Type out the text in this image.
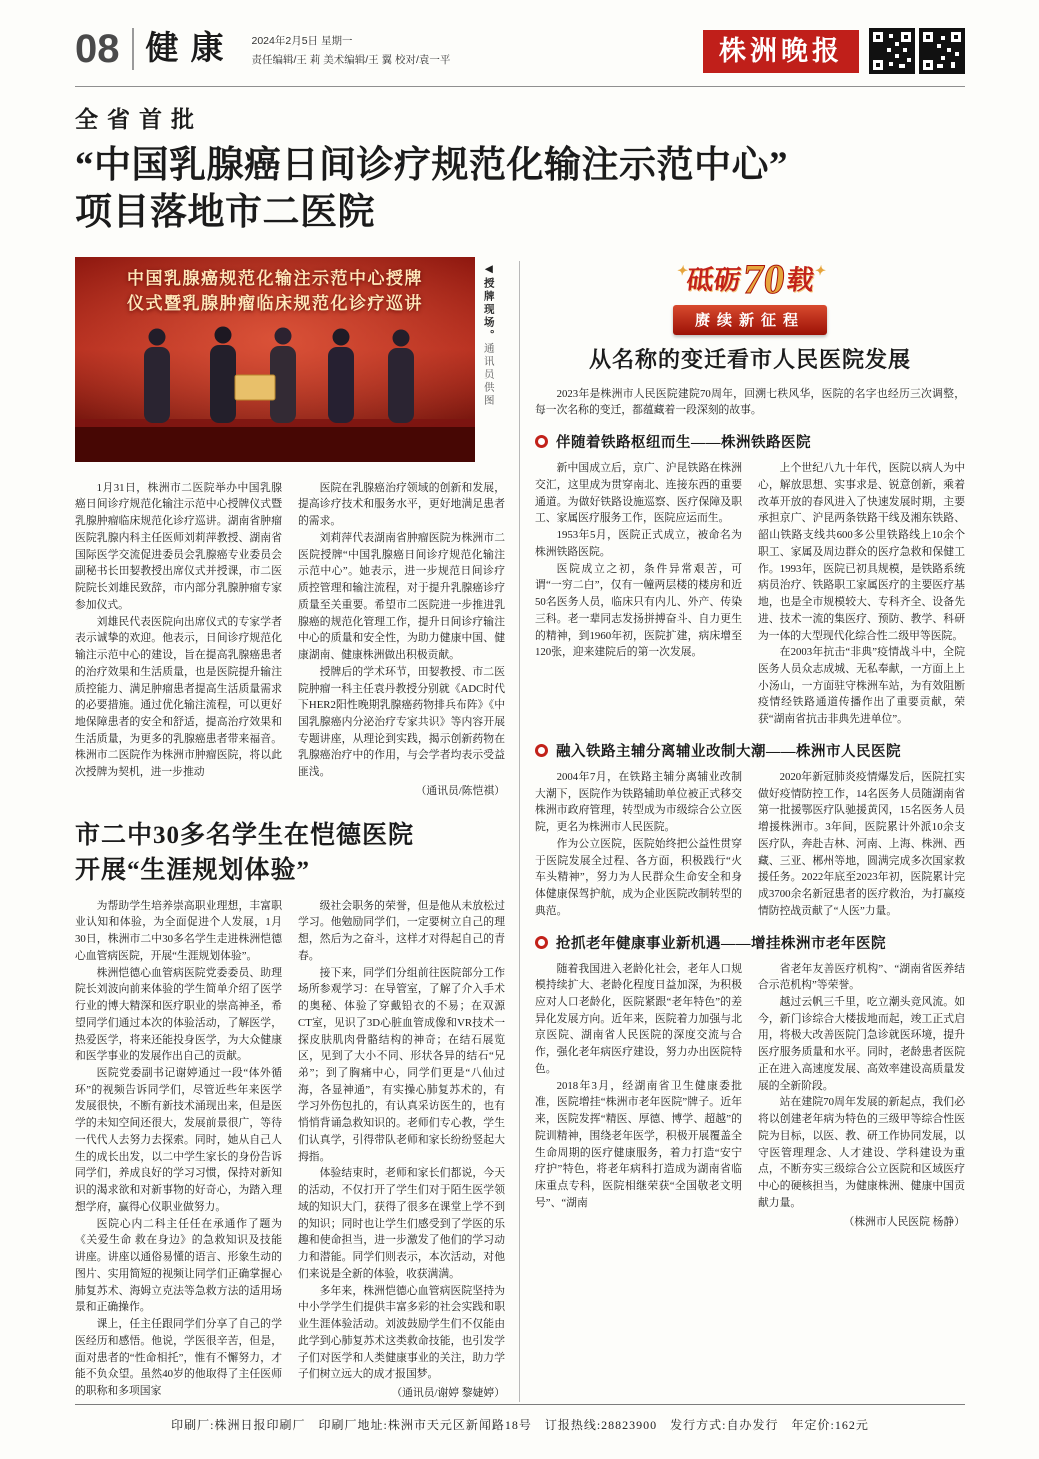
08 健康 2024年2月5日 星期一
责任编辑/王 莉 美术编辑/王 翼 校对/袁一平	株洲晚报
全省首批
“中国乳腺癌日间诊疗规范化输注示范中心”
项目落地市二医院
中国乳腺癌规范化输注示范中心授牌
仪式暨乳腺肿瘤临床规范化诊疗巡讲	◀授牌现场。通讯员供图

1月31日，株洲市二医院举办中国乳腺癌日间诊疗规范化输注示范中心授牌仪式暨乳腺肿瘤临床规范化诊疗巡讲。湖南省肿瘤医院乳腺内科主任医师刘莉萍教授、湖南省国际医学交流促进委员会乳腺癌专业委员会副秘书长田㛃教授出席仪式并授课，市二医院院长刘雄民致辞，市内部分乳腺肿瘤专家参加仪式。

刘雄民代表医院向出席仪式的专家学者表示诚挚的欢迎。他表示，日间诊疗规范化输注示范中心的建设，旨在提高乳腺癌患者的治疗效果和生活质量，也是医院提升输注质控能力、满足肿瘤患者提高生活质量需求的必要措施。通过优化输注流程，可以更好地保障患者的安全和舒适，提高治疗效果和生活质量，为更多的乳腺癌患者带来福音。株洲市二医院作为株洲市肿瘤医院，将以此次授牌为契机，进一步推动

医院在乳腺癌治疗领域的创新和发展，提高诊疗技术和服务水平，更好地满足患者的需求。

刘莉萍代表湖南省肿瘤医院为株洲市二医院授牌“中国乳腺癌日间诊疗规范化输注示范中心”。她表示，进一步规范日间诊疗质控管理和输注流程，对于提升乳腺癌诊疗质量至关重要。希望市二医院进一步推进乳腺癌的规范化管理工作，提升日间诊疗输注中心的质量和安全性，为助力健康中国、健康湖南、健康株洲做出积极贡献。

授牌后的学术环节，田㛃教授、市二医院肿瘤一科主任袁丹教授分别就《ADC时代下HER2阳性晚期乳腺癌药物排兵布阵》《中国乳腺癌内分泌治疗专家共识》等内容开展专题讲座，从理论到实践，揭示创新药物在乳腺癌治疗中的作用，与会学者均表示受益匪浅。

（通讯员/陈恺祺）
市二中30多名学生在恺德医院
开展“生涯规划体验”

为帮助学生培养崇高职业理想，丰富职业认知和体验，为全面促进个人发展，1月30日，株洲市二中30多名学生走进株洲恺德心血管病医院，开展“生涯规划体验”。

株洲恺德心血管病医院党委委员、助理院长刘波向前来体验的学生简单介绍了医学行业的博大精深和医疗职业的崇高神圣，希望同学们通过本次的体验活动，了解医学，热爱医学，将来还能投身医学，为大众健康和医学事业的发展作出自己的贡献。

医院党委副书记谢婷通过一段“体外循环”的视频告诉同学们，尽管近些年来医学发展很快，不断有新技术涌现出来，但是医学的未知空间还很大，发展前景很广，等待一代代人去努力去探索。同时，她从自己人生的成长出发，以二中学生家长的身份告诉同学们，养成良好的学习习惯，保持对新知识的渴求欲和对新事物的好奇心，为踏入理想学府，赢得心仪职业做努力。

医院心内二科主任任在承通作了题为《关爱生命 救在身边》的急救知识及技能讲座。讲座以通俗易懂的语言、形象生动的图片、实用简短的视频让同学们正确掌握心肺复苏术、海姆立克法等急救方法的适用场景和正确操作。

课上，任主任跟同学们分享了自己的学医经历和感悟。他说，学医很辛苦，但是，面对患者的“性命相托”，惟有不懈努力，才能不负众望。虽然40岁的他取得了主任医师的职称和多项国家

级社会职务的荣誉，但是他从未放松过学习。他勉励同学们，一定要树立自己的理想，然后为之奋斗，这样才对得起自己的青春。

接下来，同学们分组前往医院部分工作场所参观学习：在导管室，了解了介入手术的奥秘、体验了穿戴铅衣的不易；在双源CT室，见识了3D心脏血管成像和VR技术一探皮肤肌肉骨骼结构的神奇；在结石展览区，见到了大小不同、形状各异的结石“兄弟”；到了胸痛中心，同学们更是“八仙过海，各显神通”，有实操心肺复苏术的，有学习外伤包扎的，有认真采访医生的，也有悄悄背诵急救知识的。老师们专心教，学生们认真学，引得带队老师和家长纷纷竖起大拇指。

体验结束时，老师和家长们都说，今天的活动，不仅打开了学生们对于陌生医学领域的知识大门，获得了很多在课堂上学不到的知识；同时也让学生们感受到了学医的乐趣和使命担当，进一步激发了他们的学习动力和潜能。同学们则表示，本次活动，对他们来说是全新的体验，收获满满。

多年来，株洲恺德心血管病医院坚持为中小学学生们提供丰富多彩的社会实践和职业生涯体验活动。刘波鼓励学生们不仅能由此学到心肺复苏术这类救命技能，也引发学子们对医学和人类健康事业的关注，助力学子们树立远大的成才报国梦。

（通讯员/谢婷 黎婕婷）
✦砥砺70载✦
赓续新征程
从名称的变迁看市人民医院发展

2023年是株洲市人民医院建院70周年，回溯七秩风华，医院的名字也经历三次调整，每一次名称的变迁，都蕴藏着一段深刻的故事。

伴随着铁路枢纽而生——株洲铁路医院

新中国成立后，京广、沪昆铁路在株洲交汇，这里成为贯穿南北、连接东西的重要通道。为做好铁路设施巡察、医疗保障及职工、家属医疗服务工作，医院应运而生。

1953年5月，医院正式成立，被命名为株洲铁路医院。

医院成立之初，条件异常艰苦，可谓“一穷二白”，仅有一幢两层楼的楼房和近50名医务人员，临床只有内儿、外产、传染三科。老一辈同志发扬拼搏奋斗、自力更生的精神，到1960年初，医院扩建，病床增至120张，迎来建院后的第一次发展。

上个世纪八九十年代，医院以病人为中心，解放思想、实事求是、锐意创新，乘着改革开放的春风进入了快速发展时期，主要承担京广、沪昆两条铁路干线及湘东铁路、韶山铁路支线共600多公里铁路线上10余个职工、家属及周边群众的医疗急救和保健工作。1993年，医院已初具规模，是铁路系统病员治疗、铁路职工家属医疗的主要医疗基地，也是全市规模较大、专科齐全、设备先进、技术一流的集医疗、预防、教学、科研为一体的大型现代化综合性二级甲等医院。

在2003年抗击“非典”疫情战斗中，全院医务人员众志成城、无私奉献，一方面上上小汤山，一方面驻守株洲车站，为有效阻断疫情经铁路通道传播作出了重要贡献，荣获“湖南省抗击非典先进单位”。

融入铁路主辅分离辅业改制大潮——株洲市人民医院

2004年7月，在铁路主辅分离辅业改制大潮下，医院作为铁路辅助单位被正式移交株洲市政府管理，转型成为市级综合公立医院，更名为株洲市人民医院。

作为公立医院，医院始终把公益性贯穿于医院发展全过程、各方面，积极践行“火车头精神”，努力为人民群众生命安全和身体健康保驾护航，成为企业医院改制转型的典范。

2020年新冠肺炎疫情爆发后，医院扛实做好疫情防控工作，14名医务人员随湖南省第一批援鄂医疗队驰援黄冈，15名医务人员增援株洲市。3年间，医院累计外派10余支医疗队，奔赴吉林、河南、上海、株洲、西藏、三亚、郴州等地，圆满完成多次国家救援任务。2022年底至2023年初，医院累计完成3700余名新冠患者的医疗救治，为打赢疫情防控战贡献了“人医”力量。

抢抓老年健康事业新机遇——增挂株洲市老年医院

随着我国进入老龄化社会，老年人口规模持续扩大、老龄化程度日益加深，为积极应对人口老龄化，医院紧跟“老年特色”的差异化发展方向。近年来，医院着力加强与北京医院、湖南省人民医院的深度交流与合作，强化老年病医疗建设，努力办出医院特色。

2018年3月，经湖南省卫生健康委批准，医院增挂“株洲市老年医院”牌子。近年来，医院发挥“精医、厚德、博学、超越”的院训精神，围绕老年医学，积极开展覆盖全生命周期的医疗健康服务，着力打造“安宁疗护”特色，将老年病科打造成为湖南省临床重点专科，医院相继荣获“全国敬老文明号”、“湖南

省老年友善医疗机构”、“湖南省医养结合示范机构”等荣誉。

越过云帆三千里，吃立潮头竞风流。如今，新门诊综合大楼拔地而起，竣工正式启用，将极大改善医院门急诊就医环境，提升医疗服务质量和水平。同时，老龄患者医院正在进入高速度发展、高效率建设高质量发展的全新阶段。

站在建院70周年发展的新起点，我们必将以创建老年病为特色的三级甲等综合性医院为目标，以医、教、研工作协同发展，以守医管理理念、人才建设、学科建设为重点，不断夯实三级综合公立医院和区域医疗中心的硬核担当，为健康株洲、健康中国贡献力量。

（株洲市人民医院 杨静）
印刷厂:株洲日报印刷厂　印刷厂地址:株洲市天元区新闻路18号　订报热线:28823900　发行方式:自办发行　年定价:162元
